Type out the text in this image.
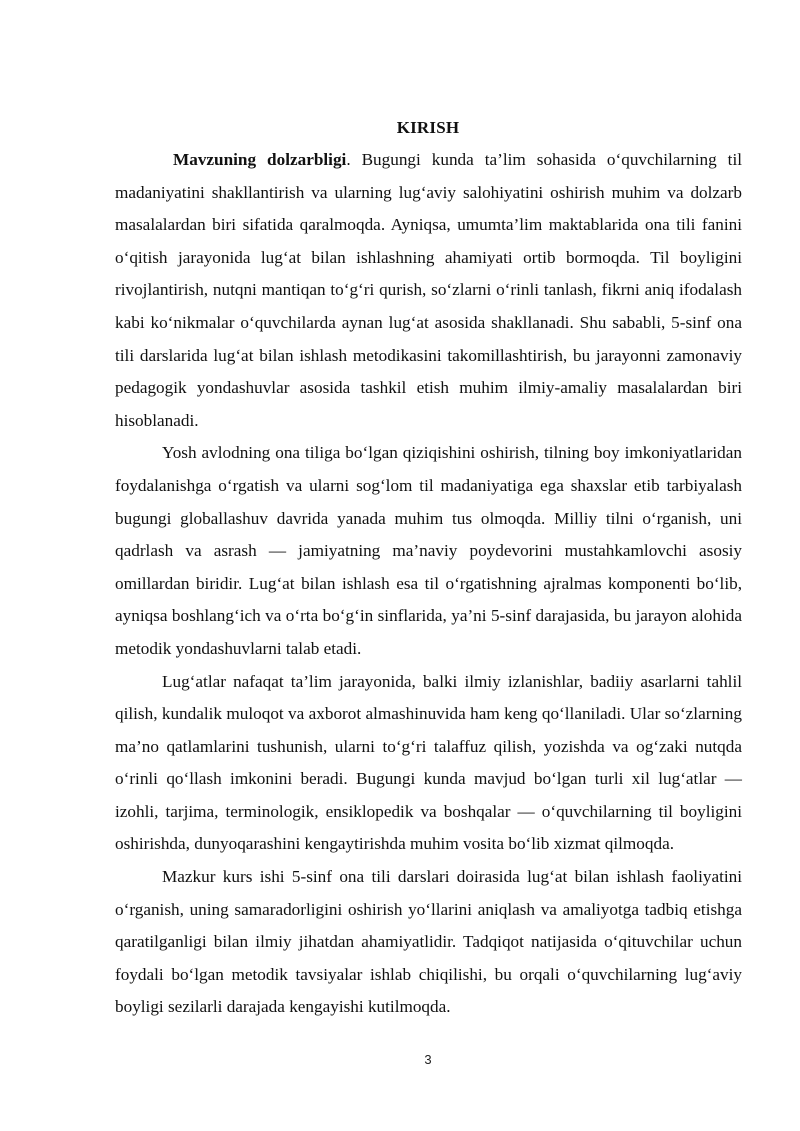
KIRISH

Mavzuning dolzarbligi. Bugungi kunda ta’lim sohasida o‘quvchilarning til madaniyatini shakllantirish va ularning lug‘aviy salohiyatini oshirish muhim va dolzarb masalalardan biri sifatida qaralmoqda. Ayniqsa, umumta’lim maktablarida ona tili fanini o‘qitish jarayonida lug‘at bilan ishlashning ahamiyati ortib bormoqda. Til boyligini rivojlantirish, nutqni mantiqan to‘g‘ri qurish, so‘zlarni o‘rinli tanlash, fikrni aniq ifodalash kabi ko‘nikmalar o‘quvchilarda aynan lug‘at asosida shakllanadi. Shu sababli, 5-sinf ona tili darslarida lug‘at bilan ishlash metodikasini takomillashtirish, bu jarayonni zamonaviy pedagogik yondashuvlar asosida tashkil etish muhim ilmiy-amaliy masalalardan biri hisoblanadi.

Yosh avlodning ona tiliga bo‘lgan qiziqishini oshirish, tilning boy imkoniyatlaridan foydalanishga o‘rgatish va ularni sog‘lom til madaniyatiga ega shaxslar etib tarbiyalash bugungi globallashuv davrida yanada muhim tus olmoqda. Milliy tilni o‘rganish, uni qadrlash va asrash — jamiyatning ma’naviy poydevorini mustahkamlovchi asosiy omillardan biridir. Lug‘at bilan ishlash esa til o‘rgatishning ajralmas komponenti bo‘lib, ayniqsa boshlang‘ich va o‘rta bo‘g‘in sinflarida, ya’ni 5-sinf darajasida, bu jarayon alohida metodik yondashuvlarni talab etadi.

Lug‘atlar nafaqat ta’lim jarayonida, balki ilmiy izlanishlar, badiiy asarlarni tahlil qilish, kundalik muloqot va axborot almashinuvida ham keng qo‘llaniladi. Ular so‘zlarning ma’no qatlamlarini tushunish, ularni to‘g‘ri talaffuz qilish, yozishda va og‘zaki nutqda o‘rinli qo‘llash imkonini beradi. Bugungi kunda mavjud bo‘lgan turli xil lug‘atlar — izohli, tarjima, terminologik, ensiklopedik va boshqalar — o‘quvchilarning til boyligini oshirishda, dunyoqarashini kengaytirishda muhim vosita bo‘lib xizmat qilmoqda.

Mazkur kurs ishi 5-sinf ona tili darslari doirasida lug‘at bilan ishlash faoliyatini o‘rganish, uning samaradorligini oshirish yo‘llarini aniqlash va amaliyotga tadbiq etishga qaratilganligi bilan ilmiy jihatdan ahamiyatlidir. Tadqiqot natijasida o‘qituvchilar uchun foydali bo‘lgan metodik tavsiyalar ishlab chiqilishi, bu orqali o‘quvchilarning lug‘aviy boyligi sezilarli darajada kengayishi kutilmoqda.

3
